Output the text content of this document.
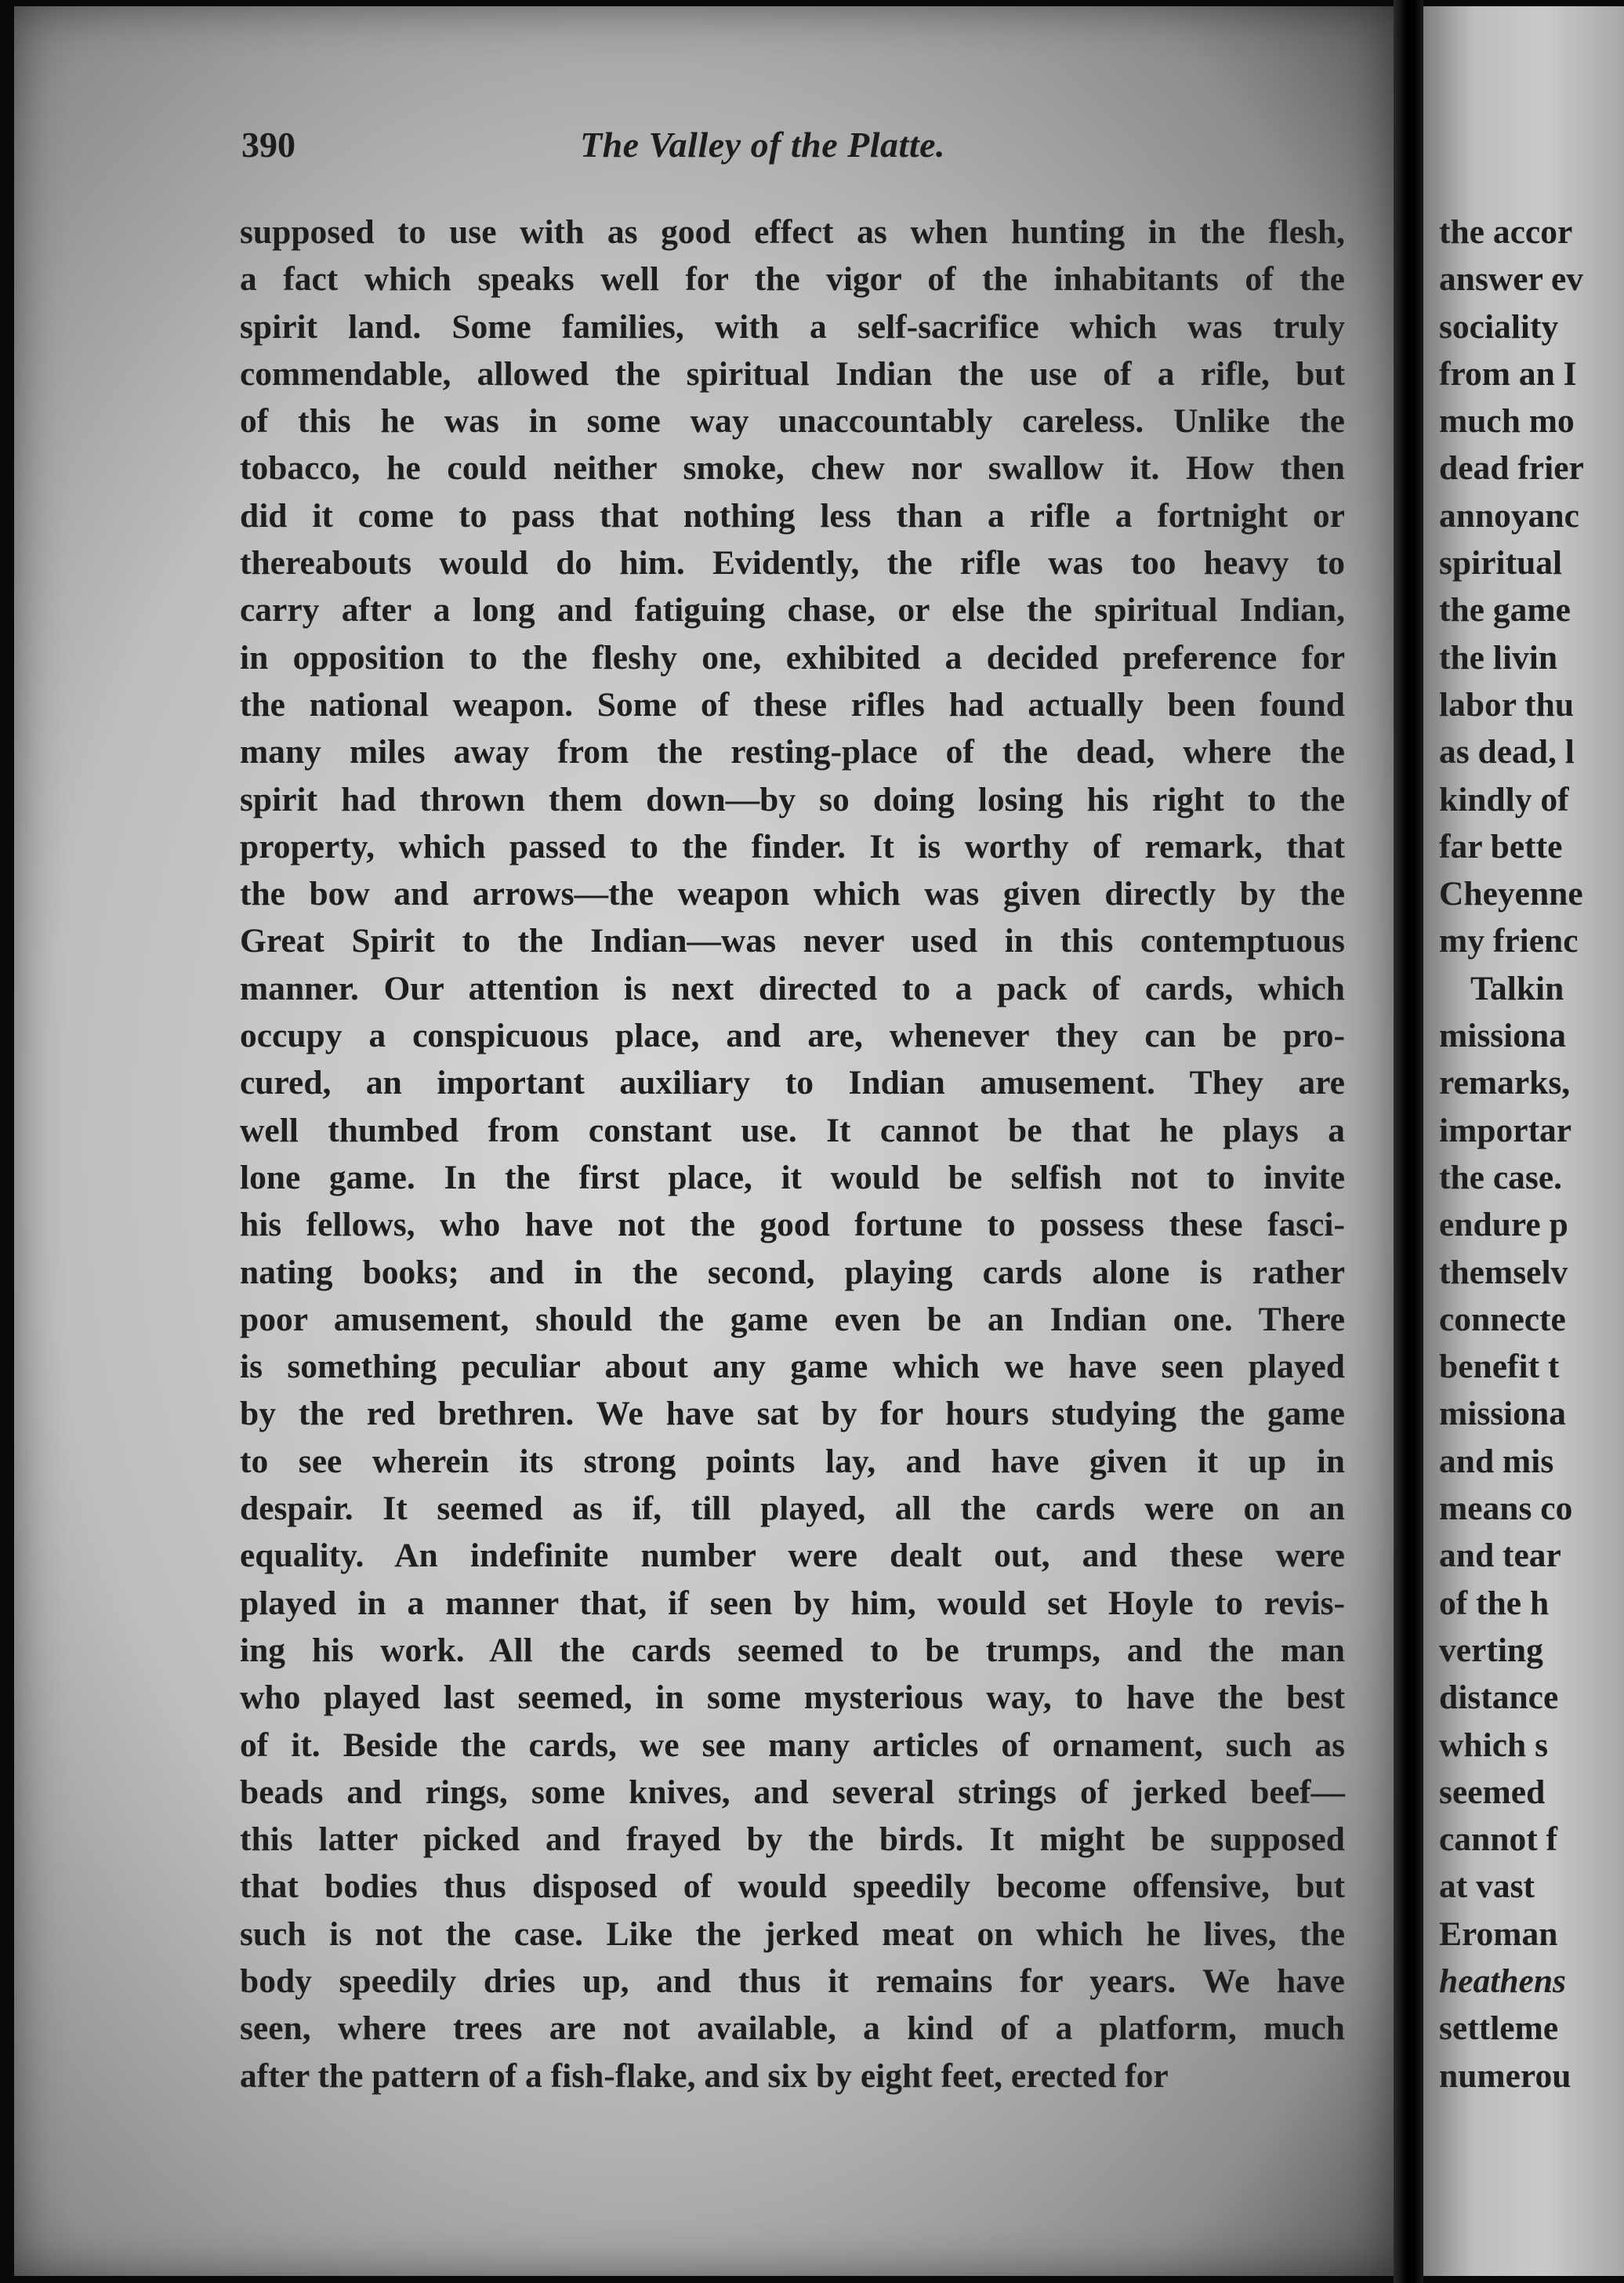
390	The Valley of the Platte.
supposed to use with as good effect as when hunting in the flesh,
a fact which speaks well for the vigor of the inhabitants of the
spirit land. Some families, with a self-sacrifice which was truly
commendable, allowed the spiritual Indian the use of a rifle, but
of this he was in some way unaccountably careless. Unlike the
tobacco, he could neither smoke, chew nor swallow it. How then
did it come to pass that nothing less than a rifle a fortnight or
thereabouts would do him. Evidently, the rifle was too heavy to
carry after a long and fatiguing chase, or else the spiritual Indian,
in opposition to the fleshy one, exhibited a decided preference for
the national weapon. Some of these rifles had actually been found
many miles away from the resting-place of the dead, where the
spirit had thrown them down—by so doing losing his right to the
property, which passed to the finder. It is worthy of remark, that
the bow and arrows—the weapon which was given directly by the
Great Spirit to the Indian—was never used in this contemptuous
manner. Our attention is next directed to a pack of cards, which
occupy a conspicuous place, and are, whenever they can be pro-
cured, an important auxiliary to Indian amusement. They are
well thumbed from constant use. It cannot be that he plays a
lone game. In the first place, it would be selfish not to invite
his fellows, who have not the good fortune to possess these fasci-
nating books; and in the second, playing cards alone is rather
poor amusement, should the game even be an Indian one. There
is something peculiar about any game which we have seen played
by the red brethren. We have sat by for hours studying the game
to see wherein its strong points lay, and have given it up in
despair. It seemed as if, till played, all the cards were on an
equality. An indefinite number were dealt out, and these were
played in a manner that, if seen by him, would set Hoyle to revis-
ing his work. All the cards seemed to be trumps, and the man
who played last seemed, in some mysterious way, to have the best
of it. Beside the cards, we see many articles of ornament, such as
beads and rings, some knives, and several strings of jerked beef—
this latter picked and frayed by the birds. It might be supposed
that bodies thus disposed of would speedily become offensive, but
such is not the case. Like the jerked meat on which he lives, the
body speedily dries up, and thus it remains for years. We have
seen, where trees are not available, a kind of a platform, much
after the pattern of a fish-flake, and six by eight feet, erected for
the accor
answer ev
sociality
from an I
much mo
dead frier
annoyanc
spiritual
the game
the livin
labor thu
as dead, l
kindly of
far bette
Cheyenne
my frienc
Talkin
missiona
remarks,
importar
the case.
endure p
themselv
connecte
benefit t
missiona
and mis
means co
and tear
of the h
verting
distance
which s
seemed
cannot f
at vast
Eroman
heathens
settleme
numerou
